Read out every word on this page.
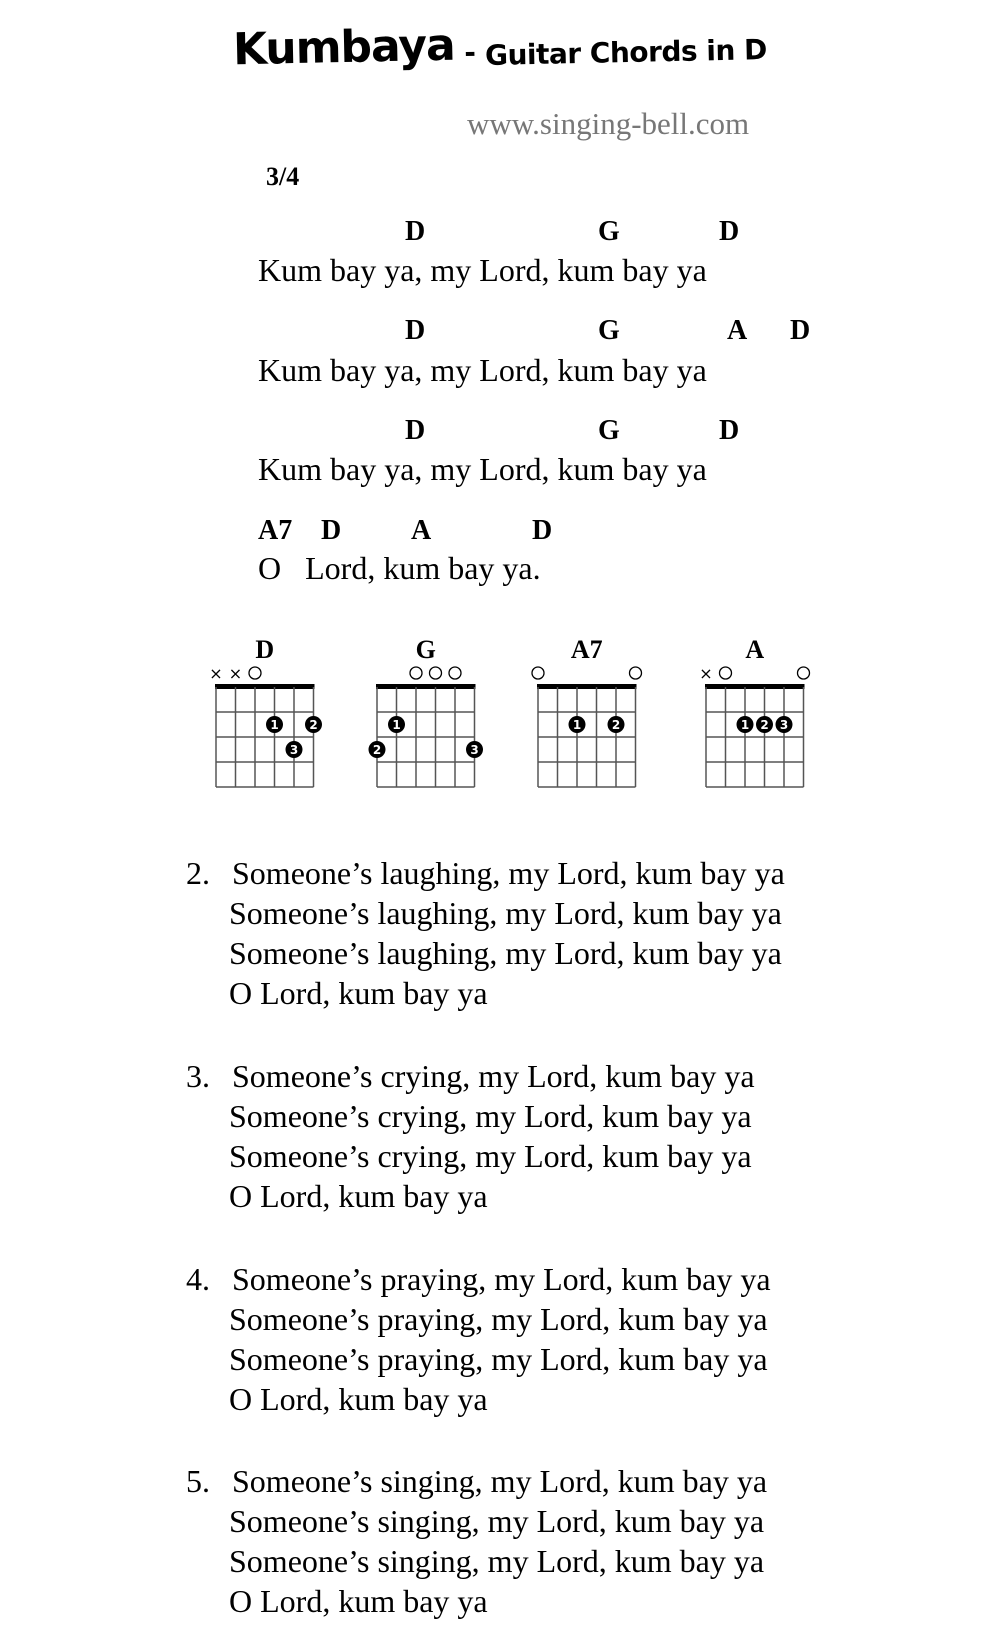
Kumbaya - Guitar Chords in D
www.singing-bell.com
3/4
D	G	D
Kum bay ya, my Lord, kum bay ya
D	G	A D
Kum bay ya, my Lord, kum bay ya
D	G	D
Kum bay ya, my Lord, kum bay ya
A7 D A	D
O   Lord, kum bay ya.
D
× ×
1	2
3
G
1
2	3
A7
1	2
A
×
1 2 3
2. Someone’s laughing, my Lord, kum bay ya
Someone’s laughing, my Lord, kum bay ya
Someone’s laughing, my Lord, kum bay ya
O Lord, kum bay ya
3. Someone’s crying, my Lord, kum bay ya
Someone’s crying, my Lord, kum bay ya
Someone’s crying, my Lord, kum bay ya
O Lord, kum bay ya
4. Someone’s praying, my Lord, kum bay ya
Someone’s praying, my Lord, kum bay ya
Someone’s praying, my Lord, kum bay ya
O Lord, kum bay ya
5. Someone’s singing, my Lord, kum bay ya
Someone’s singing, my Lord, kum bay ya
Someone’s singing, my Lord, kum bay ya
O Lord, kum bay ya
